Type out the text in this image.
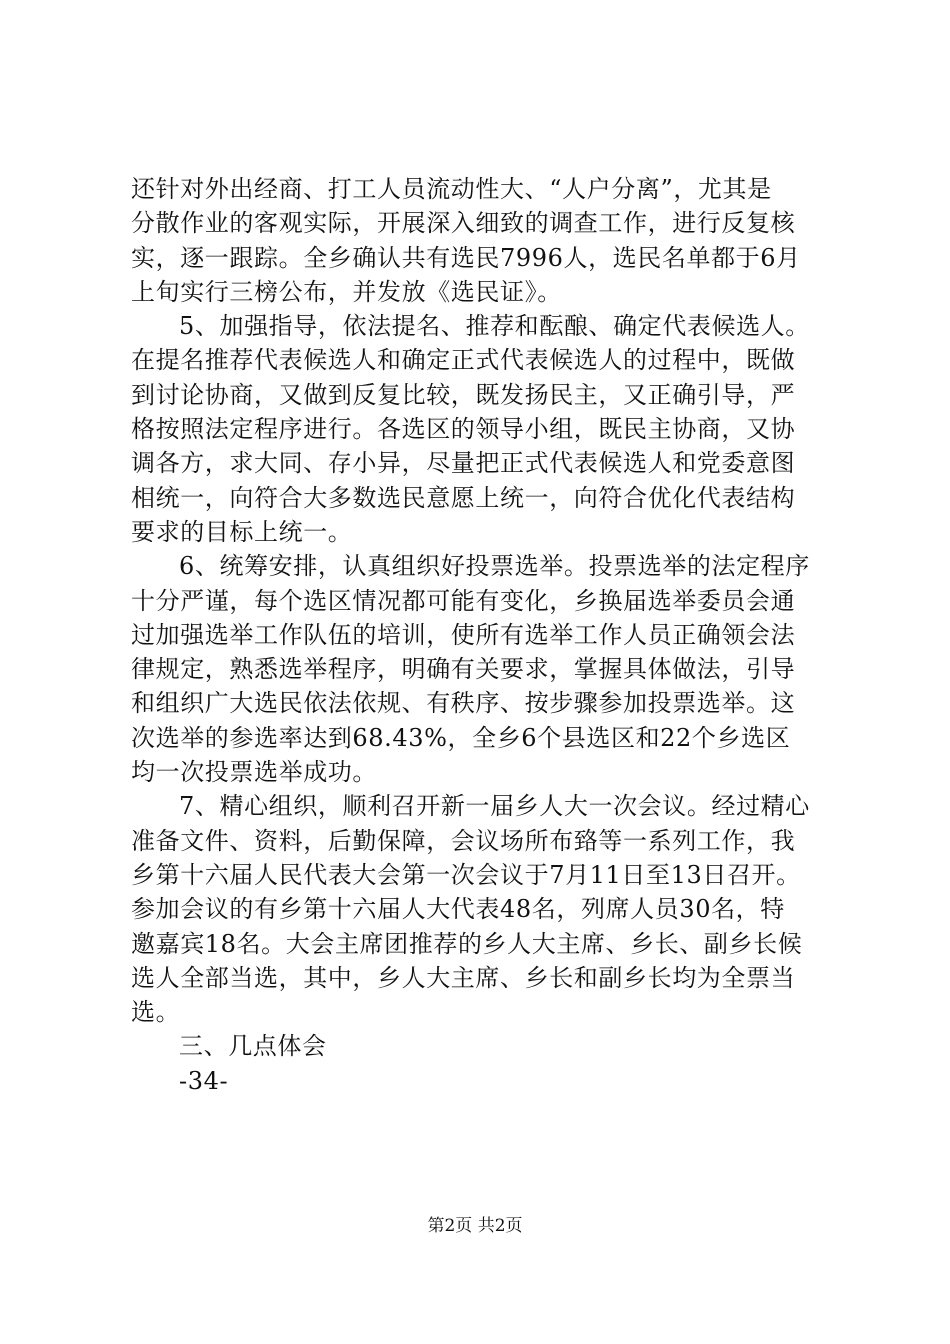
还针对外出经商、打工人员流动性大、“人户分离”，尤其是
分散作业的客观实际，开展深入细致的调查工作，进行反复核
实，逐一跟踪。全乡确认共有选民7996人，选民名单都于6月
上旬实行三榜公布，并发放《选民证》。
5、加强指导，依法提名、推荐和酝酿、确定代表候选人。
在提名推荐代表候选人和确定正式代表候选人的过程中，既做
到讨论协商，又做到反复比较，既发扬民主，又正确引导，严
格按照法定程序进行。各选区的领导小组，既民主协商，又协
调各方，求大同、存小异，尽量把正式代表候选人和党委意图
相统一，向符合大多数选民意愿上统一，向符合优化代表结构
要求的目标上统一。
6、统筹安排，认真组织好投票选举。投票选举的法定程序
十分严谨，每个选区情况都可能有变化，乡换届选举委员会通
过加强选举工作队伍的培训，使所有选举工作人员正确领会法
律规定，熟悉选举程序，明确有关要求，掌握具体做法，引导
和组织广大选民依法依规、有秩序、按步骤参加投票选举。这
次选举的参选率达到68.43%，全乡6个县选区和22个乡选区
均一次投票选举成功。
7、精心组织，顺利召开新一届乡人大一次会议。经过精心
准备文件、资料，后勤保障，会议场所布臵等一系列工作，我
乡第十六届人民代表大会第一次会议于7月11日至13日召开。
参加会议的有乡第十六届人大代表48名，列席人员30名，特
邀嘉宾18名。大会主席团推荐的乡人大主席、乡长、副乡长候
选人全部当选，其中，乡人大主席、乡长和副乡长均为全票当
选。
三、几点体会
-34-
第2页 共2页
